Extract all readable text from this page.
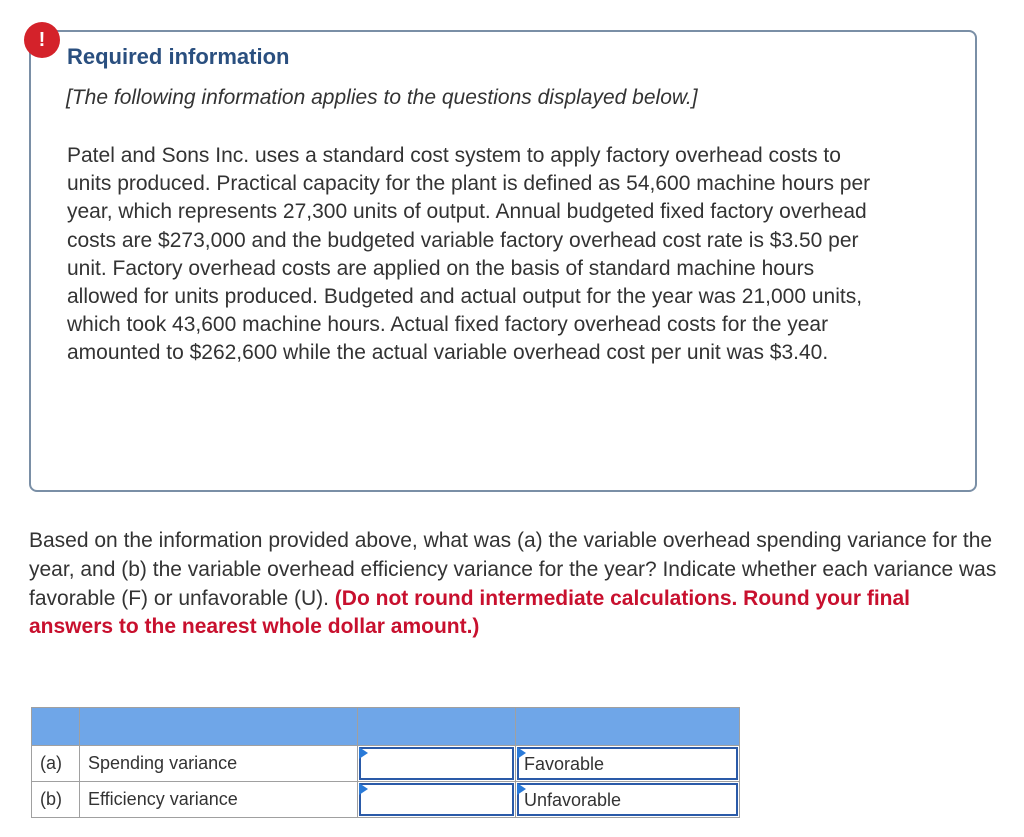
!
Required information
[The following information applies to the questions displayed below.]
Patel and Sons Inc. uses a standard cost system to apply factory overhead costs to units produced. Practical capacity for the plant is defined as 54,600 machine hours per year, which represents 27,300 units of output. Annual budgeted fixed factory overhead costs are $273,000 and the budgeted variable factory overhead cost rate is $3.50 per unit. Factory overhead costs are applied on the basis of standard machine hours allowed for units produced. Budgeted and actual output for the year was 21,000 units, which took 43,600 machine hours. Actual fixed factory overhead costs for the year amounted to $262,600 while the actual variable overhead cost per unit was $3.40.
Based on the information provided above, what was (a) the variable overhead spending variance for the year, and (b) the variable overhead efficiency variance for the year? Indicate whether each variance was favorable (F) or unfavorable (U). (Do not round intermediate calculations. Round your final answers to the nearest whole dollar amount.)

(a)	Spending variance		Favorable

(b)	Efficiency variance		Unfavorable
